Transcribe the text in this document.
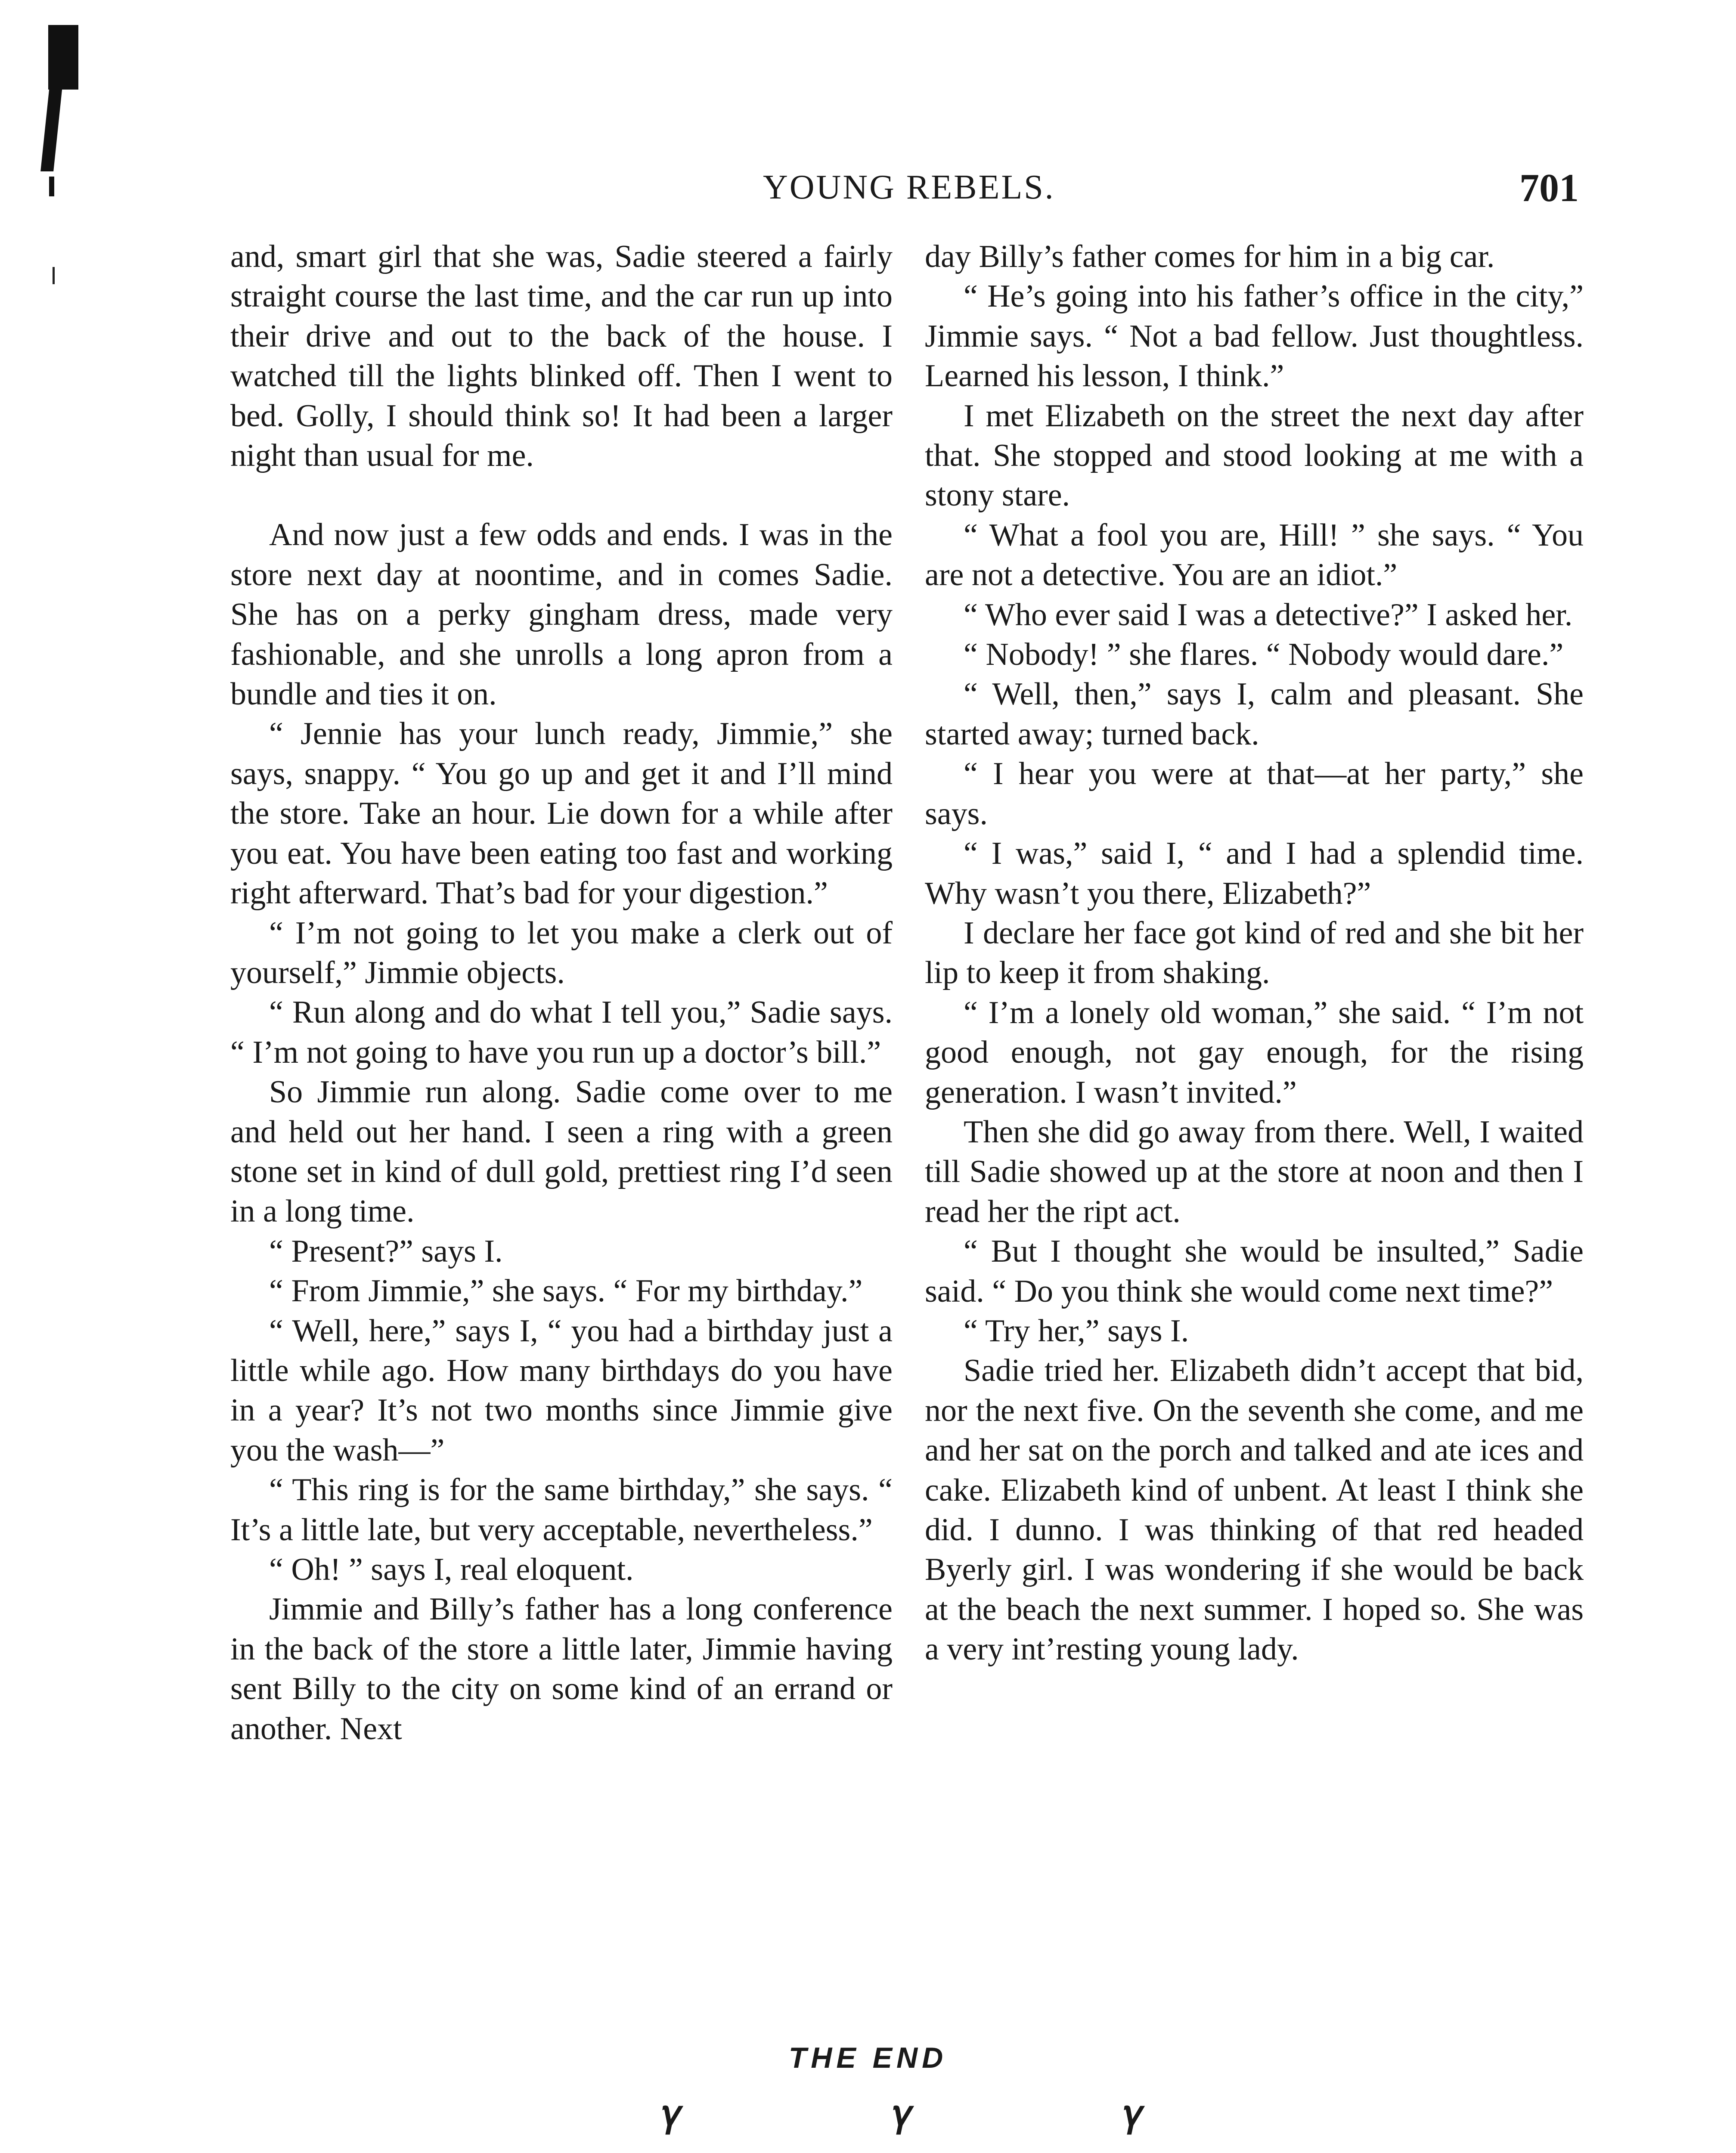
YOUNG REBELS.	701

and, smart girl that she was, Sadie steered a fairly straight course the last time, and the car run up into their drive and out to the back of the house. I watched till the lights blinked off. Then I went to bed. Golly, I should think so! It had been a larger night than usual for me.

And now just a few odds and ends. I was in the store next day at noontime, and in comes Sadie. She has on a perky gingham dress, made very fashionable, and she unrolls a long apron from a bundle and ties it on.

“ Jennie has your lunch ready, Jimmie,” she says, snappy. “ You go up and get it and I’ll mind the store. Take an hour. Lie down for a while after you eat. You have been eating too fast and working right afterward. That’s bad for your digestion.”

“ I’m not going to let you make a clerk out of yourself,” Jimmie objects.

“ Run along and do what I tell you,” Sadie says. “ I’m not going to have you run up a doctor’s bill.”

So Jimmie run along. Sadie come over to me and held out her hand. I seen a ring with a green stone set in kind of dull gold, prettiest ring I’d seen in a long time.

“ Present?” says I.

“ From Jimmie,” she says. “ For my birthday.”

“ Well, here,” says I, “ you had a birthday just a little while ago. How many birthdays do you have in a year? It’s not two months since Jimmie give you the wash—”

“ This ring is for the same birthday,” she says. “ It’s a little late, but very acceptable, nevertheless.”

“ Oh! ” says I, real eloquent.

Jimmie and Billy’s father has a long conference in the back of the store a little later, Jimmie having sent Billy to the city on some kind of an errand or another. Next

day Billy’s father comes for him in a big car.

“ He’s going into his father’s office in the city,” Jimmie says. “ Not a bad fellow. Just thoughtless. Learned his lesson, I think.”

I met Elizabeth on the street the next day after that. She stopped and stood looking at me with a stony stare.

“ What a fool you are, Hill! ” she says. “ You are not a detective. You are an idiot.”

“ Who ever said I was a detective?” I asked her.

“ Nobody! ” she flares. “ Nobody would dare.”

“ Well, then,” says I, calm and pleasant. She started away; turned back.

“ I hear you were at that—at her party,” she says.

“ I was,” said I, “ and I had a splendid time. Why wasn’t you there, Elizabeth?”

I declare her face got kind of red and she bit her lip to keep it from shaking.

“ I’m a lonely old woman,” she said. “ I’m not good enough, not gay enough, for the rising generation. I wasn’t invited.”

Then she did go away from there. Well, I waited till Sadie showed up at the store at noon and then I read her the ript act.

“ But I thought she would be insulted,” Sadie said. “ Do you think she would come next time?”

“ Try her,” says I.

Sadie tried her. Elizabeth didn’t accept that bid, nor the next five. On the seventh she come, and me and her sat on the porch and talked and ate ices and cake. Elizabeth kind of unbent. At least I think she did. I dunno. I was thinking of that red headed Byerly girl. I was wondering if she would be back at the beach the next summer. I hoped so. She was a very int’resting young lady.

THE END
𝛾	𝛾	𝛾
